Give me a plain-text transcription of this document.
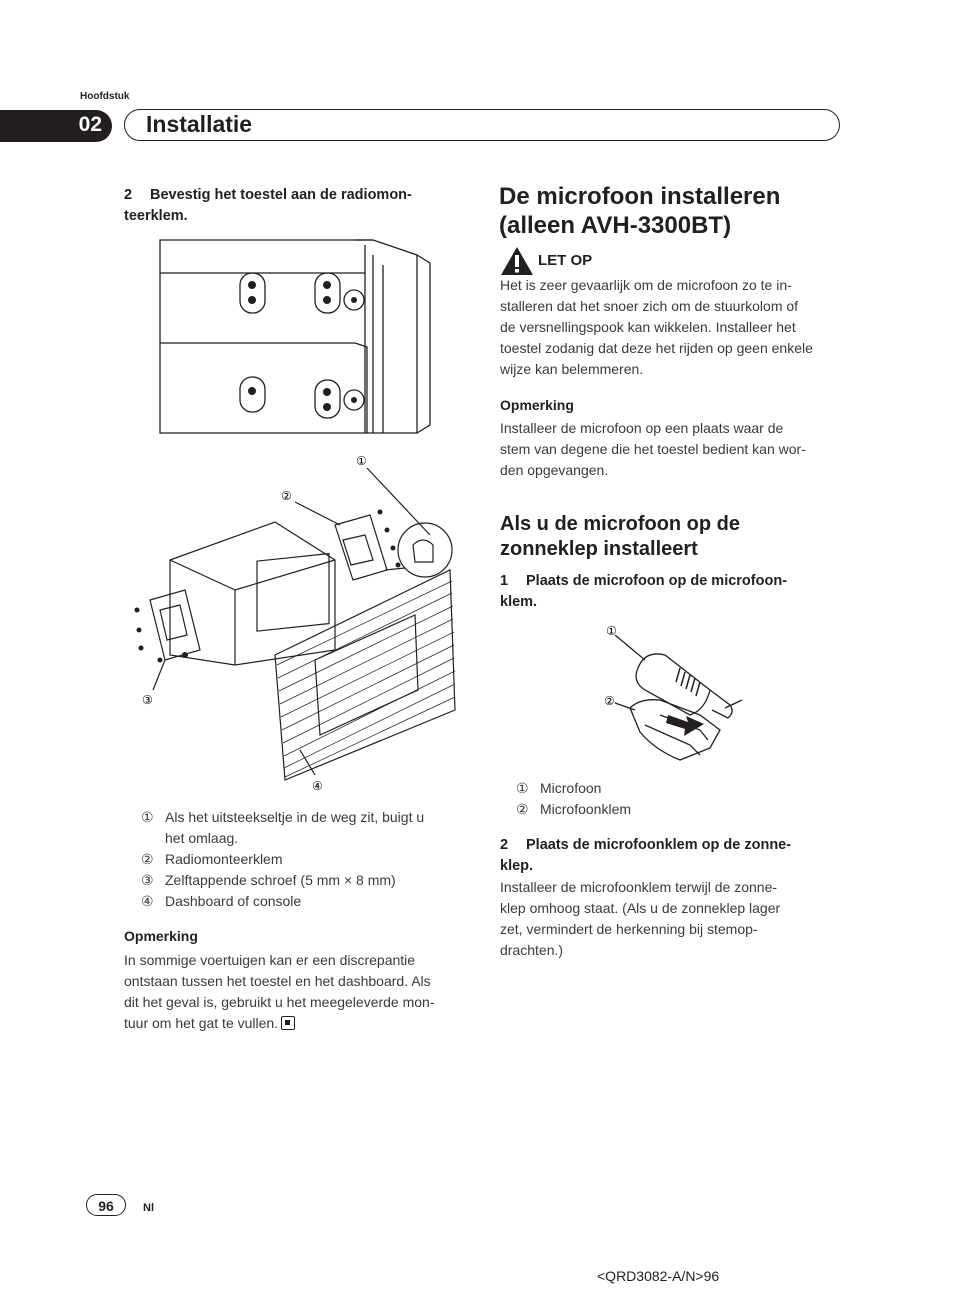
Hoofdstuk
02 Installatie
2 Bevestig het toestel aan de radiomon-
teerklem.
①
②
③
④
① Als het uitsteekseltje in de weg zit, buigt u
het omlaag.
② Radiomonteerklem
③ Zelftappende schroef (5 mm × 8 mm)
④ Dashboard of console
Opmerking
In sommige voertuigen kan er een discrepantie
ontstaan tussen het toestel en het dashboard. Als
dit het geval is, gebruikt u het meegeleverde mon-
tuur om het gat te vullen.
De microfoon installeren
(alleen AVH-3300BT)
LET OP
Het is zeer gevaarlijk om de microfoon zo te in-
stalleren dat het snoer zich om de stuurkolom of
de versnellingspook kan wikkelen. Installeer het
toestel zodanig dat deze het rijden op geen enkele
wijze kan belemmeren.
Opmerking
Installeer de microfoon op een plaats waar de
stem van degene die het toestel bedient kan wor-
den opgevangen.
Als u de microfoon op de
zonneklep installeert
1 Plaats de microfoon op de microfoon-
klem.
①
②
① Microfoon
② Microfoonklem
2 Plaats de microfoonklem op de zonne-
klep.
Installeer de microfoonklem terwijl de zonne-
klep omhoog staat. (Als u de zonneklep lager
zet, vermindert de herkenning bij stemop-
drachten.)
96	Nl
<QRD3082-A/N>96
